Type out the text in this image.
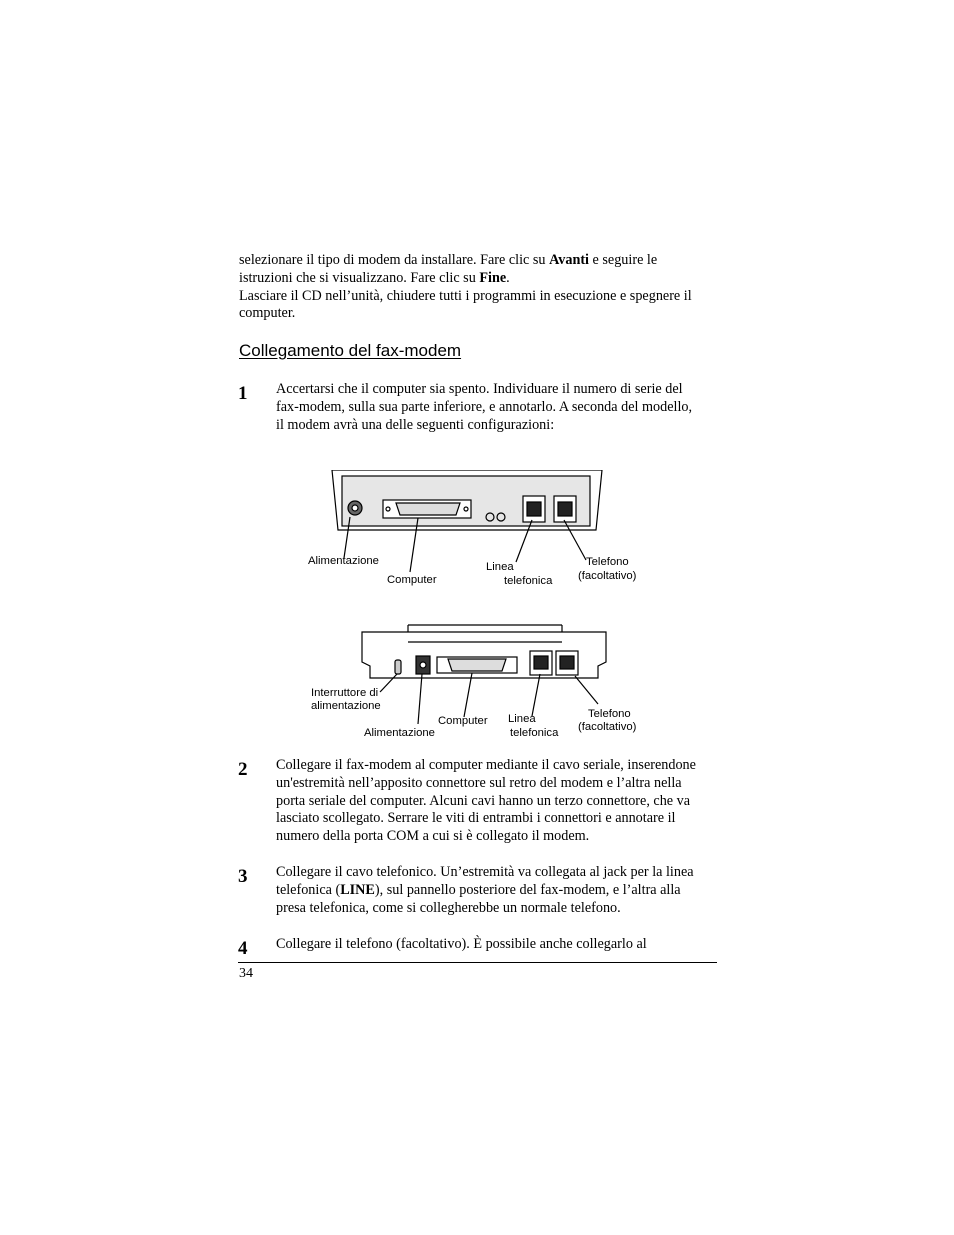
selezionare il tipo di modem da installare. Fare clic su Avanti e seguire le istruzioni che si visualizzano. Fare clic su Fine.
Lasciare il CD nell’unità, chiudere tutti i programmi in esecuzione e spegnere il computer.
Collegamento del fax-modem
1 Accertarsi che il computer sia spento. Individuare il numero di serie del fax-modem, sulla sua parte inferiore, e annotarlo. A seconda del modello, il modem avrà una delle seguenti configurazioni:
Alimentazione
Computer
Linea
telefonica
Telefono
(facoltativo)
Interruttore di
alimentazione
Alimentazione
Computer Linea
telefonica
Telefono
(facoltativo)
2 Collegare il fax-modem al computer mediante il cavo seriale, inserendone un'estremità nell’apposito connettore sul retro del modem e l’altra nella porta seriale del computer. Alcuni cavi hanno un terzo connettore, che va lasciato scollegato. Serrare le viti di entrambi i connettori e annotare il numero della porta COM a cui si è collegato il modem.
3 Collegare il cavo telefonico. Un’estremità va collegata al jack per la linea telefonica (LINE), sul pannello posteriore del fax-modem, e l’altra alla presa telefonica, come si collegherebbe un normale telefono.
4 Collegare il telefono (facoltativo). È possibile anche collegarlo al
34
